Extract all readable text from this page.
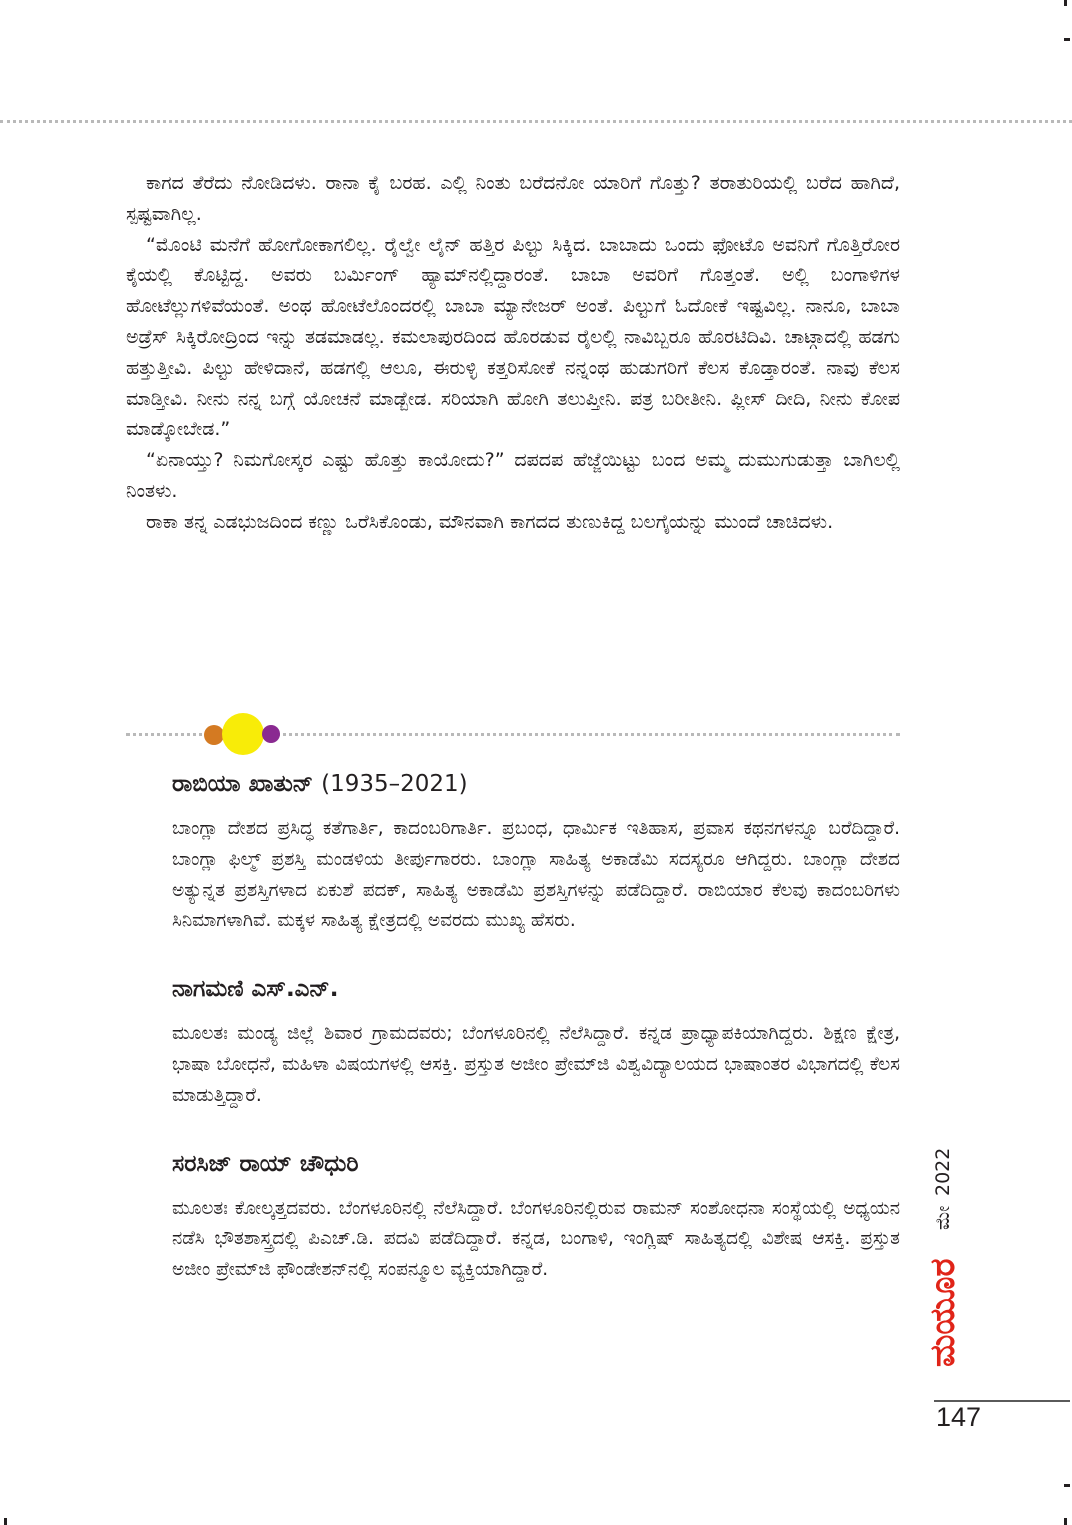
ಕಾಗದ ತೆರೆದು ನೋಡಿದಳು. ರಾನಾ ಕೈ ಬರಹ. ಎಲ್ಲಿ ನಿಂತು ಬರೆದನೋ ಯಾರಿಗೆ ಗೊತ್ತು? ತರಾತುರಿಯಲ್ಲಿ ಬರೆದ ಹಾಗಿದೆ, ಸ್ಪಷ್ಟವಾಗಿಲ್ಲ.

“ಮೊಂಟಿ ಮನೆಗೆ ಹೋಗೋಕಾಗಲಿಲ್ಲ. ರೈಲ್ವೇ ಲೈನ್ ಹತ್ತಿರ ಪಿಲ್ಟು ಸಿಕ್ಕಿದ. ಬಾಬಾದು ಒಂದು ಫೋಟೊ ಅವನಿಗೆ ಗೊತ್ತಿರೋರ ಕೈಯಲ್ಲಿ ಕೊಟ್ಟಿದ್ದ. ಅವರು ಬರ್ಮಿಂಗ್ ಹ್ಯಾಮ್‌ನಲ್ಲಿದ್ದಾರಂತೆ. ಬಾಬಾ ಅವರಿಗೆ ಗೊತ್ತಂತೆ. ಅಲ್ಲಿ ಬಂಗಾಳಿಗಳ ಹೋಟೆಲ್ಲುಗಳಿವೆಯಂತೆ. ಅಂಥ ಹೋಟೆಲೊಂದರಲ್ಲಿ ಬಾಬಾ ಮ್ಯಾನೇಜರ್ ಅಂತೆ. ಪಿಲ್ಟುಗೆ ಓದೋಕೆ ಇಷ್ಟವಿಲ್ಲ. ನಾನೂ, ಬಾಬಾ ಅಡ್ರೆಸ್ ಸಿಕ್ಕಿರೋದ್ರಿಂದ ಇನ್ನು ತಡಮಾಡಲ್ಲ. ಕಮಲಾಪುರದಿಂದ ಹೊರಡುವ ರೈಲಲ್ಲಿ ನಾವಿಬ್ಬರೂ ಹೊರಟಿದಿವಿ. ಚಾಟ್ಗಾದಲ್ಲಿ ಹಡಗು ಹತ್ತುತ್ತೀವಿ. ಪಿಲ್ಟು ಹೇಳಿದಾನೆ, ಹಡಗಲ್ಲಿ ಆಲೂ, ಈರುಳ್ಳಿ ಕತ್ತರಿಸೋಕೆ ನನ್ನಂಥ ಹುಡುಗರಿಗೆ ಕೆಲಸ ಕೊಡ್ತಾರಂತೆ. ನಾವು ಕೆಲಸ ಮಾಡ್ತೀವಿ. ನೀನು ನನ್ನ ಬಗ್ಗೆ ಯೋಚನೆ ಮಾಡ್ಬೇಡ. ಸರಿಯಾಗಿ ಹೋಗಿ ತಲುಪ್ತೀನಿ. ಪತ್ರ ಬರೀತೀನಿ. ಪ್ಲೀಸ್ ದೀದಿ, ನೀನು ಕೋಪ ಮಾಡ್ಕೋಬೇಡ.”

“ಏನಾಯ್ತು? ನಿಮಗೋಸ್ಕರ ಎಷ್ಟು ಹೊತ್ತು ಕಾಯೋದು?” ದಪದಪ ಹೆಜ್ಜೆಯಿಟ್ಟು ಬಂದ ಅಮ್ಮ ದುಮುಗುಡುತ್ತಾ ಬಾಗಿಲಲ್ಲಿ ನಿಂತಳು.

ರಾಕಾ ತನ್ನ ಎಡಭುಜದಿಂದ ಕಣ್ಣು ಒರೆಸಿಕೊಂಡು, ಮೌನವಾಗಿ ಕಾಗದದ ತುಣುಕಿದ್ದ ಬಲಗೈಯನ್ನು ಮುಂದೆ ಚಾಚಿದಳು.

ರಾಬಿಯಾ ಖಾತುನ್ (1935–2021)

ಬಾಂಗ್ಲಾ ದೇಶದ ಪ್ರಸಿದ್ಧ ಕತೆಗಾರ್ತಿ, ಕಾದಂಬರಿಗಾರ್ತಿ. ಪ್ರಬಂಧ, ಧಾರ್ಮಿಕ ಇತಿಹಾಸ, ಪ್ರವಾಸ ಕಥನಗಳನ್ನೂ ಬರೆದಿದ್ದಾರೆ. ಬಾಂಗ್ಲಾ ಫಿಲ್ಮ್ ಪ್ರಶಸ್ತಿ ಮಂಡಳಿಯ ತೀರ್ಪುಗಾರರು. ಬಾಂಗ್ಲಾ ಸಾಹಿತ್ಯ ಅಕಾಡೆಮಿ ಸದಸ್ಯರೂ ಆಗಿದ್ದರು. ಬಾಂಗ್ಲಾ ದೇಶದ ಅತ್ಯುನ್ನತ ಪ್ರಶಸ್ತಿಗಳಾದ ಏಕುಶೆ ಪದಕ್, ಸಾಹಿತ್ಯ ಅಕಾಡೆಮಿ ಪ್ರಶಸ್ತಿಗಳನ್ನು ಪಡೆದಿದ್ದಾರೆ. ರಾಬಿಯಾರ ಕೆಲವು ಕಾದಂಬರಿಗಳು ಸಿನಿಮಾಗಳಾಗಿವೆ. ಮಕ್ಕಳ ಸಾಹಿತ್ಯ ಕ್ಷೇತ್ರದಲ್ಲಿ ಅವರದು ಮುಖ್ಯ ಹೆಸರು.

ನಾಗಮಣಿ ಎಸ್.ಎನ್.

ಮೂಲತಃ ಮಂಡ್ಯ ಜಿಲ್ಲೆ ಶಿವಾರ ಗ್ರಾಮದವರು; ಬೆಂಗಳೂರಿನಲ್ಲಿ ನೆಲೆಸಿದ್ದಾರೆ. ಕನ್ನಡ ಪ್ರಾಧ್ಯಾಪಕಿಯಾಗಿದ್ದರು. ಶಿಕ್ಷಣ ಕ್ಷೇತ್ರ, ಭಾಷಾ ಬೋಧನೆ, ಮಹಿಳಾ ವಿಷಯಗಳಲ್ಲಿ ಆಸಕ್ತಿ. ಪ್ರಸ್ತುತ ಅಜೀಂ ಪ್ರೇಮ್‌ಜಿ ವಿಶ್ವವಿದ್ಯಾಲಯದ ಭಾಷಾಂತರ ವಿಭಾಗದಲ್ಲಿ ಕೆಲಸ ಮಾಡುತ್ತಿದ್ದಾರೆ.

ಸರಸಿಜ್ ರಾಯ್ ಚೌಧುರಿ

ಮೂಲತಃ ಕೋಲ್ಕತ್ತದವರು. ಬೆಂಗಳೂರಿನಲ್ಲಿ ನೆಲೆಸಿದ್ದಾರೆ. ಬೆಂಗಳೂರಿನಲ್ಲಿರುವ ರಾಮನ್ ಸಂಶೋಧನಾ ಸಂಸ್ಥೆಯಲ್ಲಿ ಅಧ್ಯಯನ ನಡೆಸಿ ಭೌತಶಾಸ್ತ್ರದಲ್ಲಿ ಪಿಎಚ್.ಡಿ. ಪದವಿ ಪಡೆದಿದ್ದಾರೆ. ಕನ್ನಡ, ಬಂಗಾಳಿ, ಇಂಗ್ಲಿಷ್ ಸಾಹಿತ್ಯದಲ್ಲಿ ವಿಶೇಷ ಆಸಕ್ತಿ. ಪ್ರಸ್ತುತ ಅಜೀಂ ಪ್ರೇಮ್‌ಜಿ ಫೌಂಡೇಶನ್‌ನಲ್ಲಿ ಸಂಪನ್ಮೂಲ ವ್ಯಕ್ತಿಯಾಗಿದ್ದಾರೆ.

ಮೇ
2022
ಮಯೂರ
147
